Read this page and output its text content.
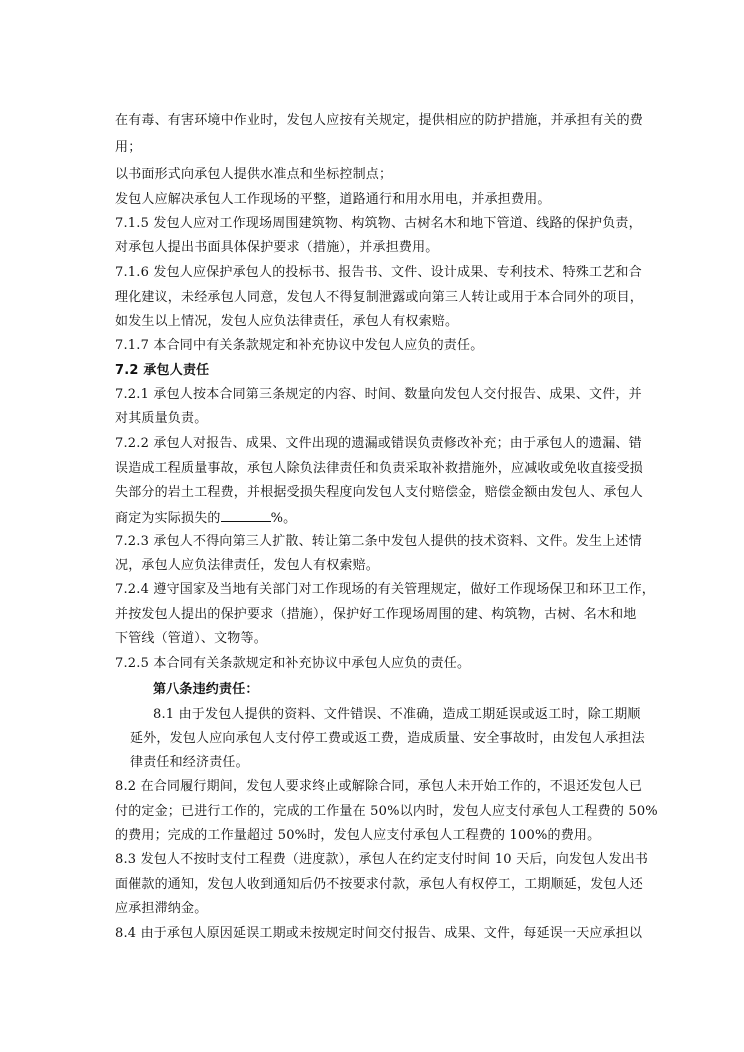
在有毒、有害环境中作业时，发包人应按有关规定，提供相应的防护措施，并承担有关的费
用；
以书面形式向承包人提供水准点和坐标控制点；
发包人应解决承包人工作现场的平整，道路通行和用水用电，并承担费用。
7.1.5 发包人应对工作现场周围建筑物、构筑物、古树名木和地下管道、线路的保护负责，
对承包人提出书面具体保护要求（措施），并承担费用。
7.1.6 发包人应保护承包人的投标书、报告书、文件、设计成果、专利技术、特殊工艺和合
理化建议，未经承包人同意，发包人不得复制泄露或向第三人转让或用于本合同外的项目，
如发生以上情况，发包人应负法律责任，承包人有权索赔。
7.1.7 本合同中有关条款规定和补充协议中发包人应负的责任。
7.2 承包人责任
7.2.1 承包人按本合同第三条规定的内容、时间、数量向发包人交付报告、成果、文件，并
对其质量负责。
7.2.2 承包人对报告、成果、文件出现的遗漏或错误负责修改补充；由于承包人的遗漏、错
误造成工程质量事故，承包人除负法律责任和负责采取补救措施外，应减收或免收直接受损
失部分的岩土工程费，并根据受损失程度向发包人支付赔偿金，赔偿金额由发包人、承包人
商定为实际损失的	%。
7.2.3 承包人不得向第三人扩散、转让第二条中发包人提供的技术资料、文件。发生上述情
况，承包人应负法律责任，发包人有权索赔。
7.2.4 遵守国家及当地有关部门对工作现场的有关管理规定，做好工作现场保卫和环卫工作，
并按发包人提出的保护要求（措施），保护好工作现场周围的建、构筑物，古树、名木和地
下管线（管道）、文物等。
7.2.5 本合同有关条款规定和补充协议中承包人应负的责任。
第八条违约责任：
8.1 由于发包人提供的资料、文件错误、不准确，造成工期延误或返工时，除工期顺
延外，发包人应向承包人支付停工费或返工费，造成质量、安全事故时，由发包人承担法
律责任和经济责任。
8.2 在合同履行期间，发包人要求终止或解除合同，承包人未开始工作的，不退还发包人已
付的定金；已进行工作的，完成的工作量在 50%以内时，发包人应支付承包人工程费的 50%
的费用；完成的工作量超过 50%时，发包人应支付承包人工程费的 100%的费用。
8.3 发包人不按时支付工程费（进度款），承包人在约定支付时间 10 天后，向发包人发出书
面催款的通知，发包人收到通知后仍不按要求付款，承包人有权停工，工期顺延，发包人还
应承担滞纳金。
8.4 由于承包人原因延误工期或未按规定时间交付报告、成果、文件，每延误一天应承担以
